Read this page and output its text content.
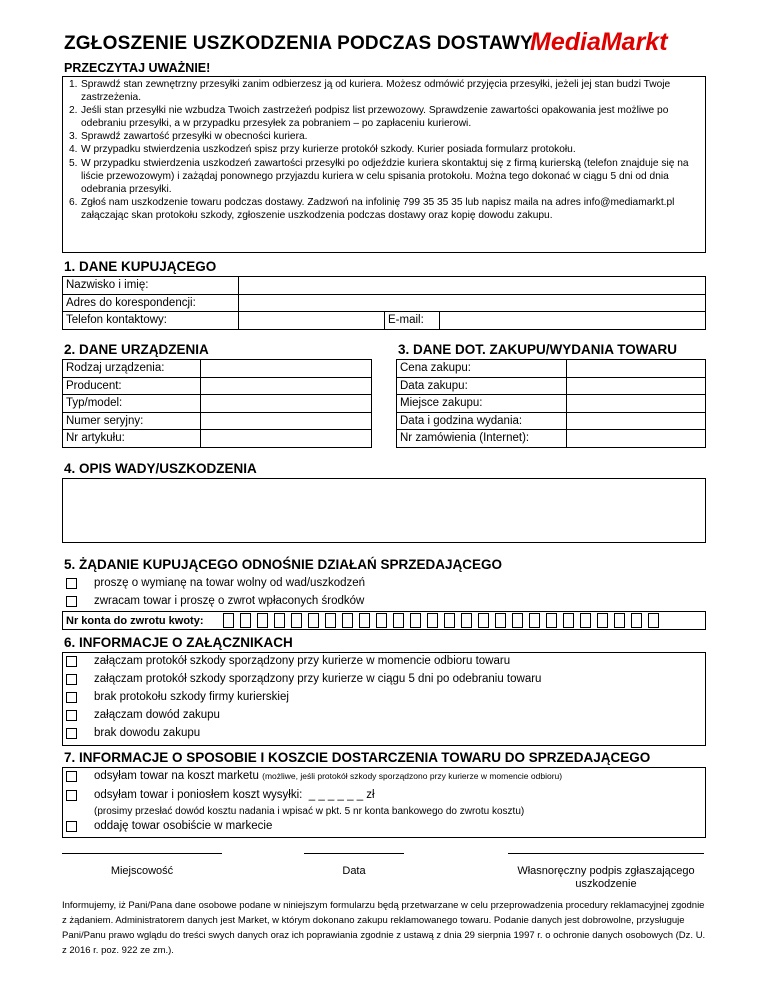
ZGŁOSZENIE USZKODZENIA PODCZAS DOSTAWY
MediaMarkt
PRZECZYTAJ UWAŻNIE!
1. Sprawdź stan zewnętrzny przesyłki zanim odbierzesz ją od kuriera. Możesz odmówić przyjęcia przesyłki, jeżeli jej stan budzi Twoje zastrzeżenia.
2. Jeśli stan przesyłki nie wzbudza Twoich zastrzeżeń podpisz list przewozowy. Sprawdzenie zawartości opakowania jest możliwe po odebraniu przesyłki, a w przypadku przesyłek za pobraniem – po zapłaceniu kurierowi.
3. Sprawdź zawartość przesyłki w obecności kuriera.
4. W przypadku stwierdzenia uszkodzeń spisz przy kurierze protokół szkody. Kurier posiada formularz protokołu.
5. W przypadku stwierdzenia uszkodzeń zawartości przesyłki po odjeździe kuriera skontaktuj się z firmą kurierską (telefon znajduje się na liście przewozowym) i zażądaj ponownego przyjazdu kuriera w celu spisania protokołu. Można tego dokonać w ciągu 5 dni od dnia odebrania przesyłki.
6. Zgłoś nam uszkodzenie towaru podczas dostawy. Zadzwoń na infolinię 799 35 35 35 lub napisz maila na adres info@mediamarkt.pl załączając skan protokołu szkody, zgłoszenie uszkodzenia podczas dostawy oraz kopię dowodu zakupu.
1. DANE KUPUJĄCEGO
Nazwisko i imię:			
Adres do korespondencji:			
Telefon kontaktowy:		E-mail:	
2. DANE URZĄDZENIA	3. DANE DOT. ZAKUPU/WYDANIA TOWARU
Rodzaj urządzenia:	
Producent:	
Typ/model:	
Numer seryjny:	
Nr artykułu:	
Cena zakupu:	
Data zakupu:	
Miejsce zakupu:	
Data i godzina wydania:	
Nr zamówienia (Internet):	
4. OPIS WADY/USZKODZENIA
5. ŻĄDANIE KUPUJĄCEGO ODNOŚNIE DZIAŁAŃ SPRZEDAJĄCEGO
proszę o wymianę na towar wolny od wad/uszkodzeń
zwracam towar i proszę o zwrot wpłaconych środków
Nr konta do zwrotu kwoty:
6. INFORMACJE O ZAŁĄCZNIKACH
załączam protokół szkody sporządzony przy kurierze w momencie odbioru towaru
załączam protokół szkody sporządzony przy kurierze w ciągu 5 dni po odebraniu towaru
brak protokołu szkody firmy kurierskiej
załączam dowód zakupu
brak dowodu zakupu
7. INFORMACJE O SPOSOBIE I KOSZCIE DOSTARCZENIA TOWARU DO SPRZEDAJĄCEGO
odsyłam towar na koszt marketu
(możliwe, jeśli protokół szkody sporządzono przy kurierze w momencie odbioru)
odsyłam towar i poniosłem koszt wysyłki:
_ _ _ _ _ _
zł
(prosimy przesłać dowód kosztu nadania i wpisać w pkt. 5 nr konta bankowego do zwrotu kosztu)
oddaję towar osobiście w markecie
Miejscowość	Data	Własnoręczny podpis zgłaszającego uszkodzenie
Informujemy, iż Pani/Pana dane osobowe podane w niniejszym formularzu będą przetwarzane w celu przeprowadzenia procedury reklamacyjnej zgodnie z żądaniem. Administratorem danych jest Market, w którym dokonano zakupu reklamowanego towaru. Podanie danych jest dobrowolne, przysługuje Pani/Panu prawo wglądu do treści swych danych oraz ich poprawiania zgodnie z ustawą z dnia 29 sierpnia 1997 r. o ochronie danych osobowych (Dz. U. z 2016 r. poz. 922 ze zm.).
